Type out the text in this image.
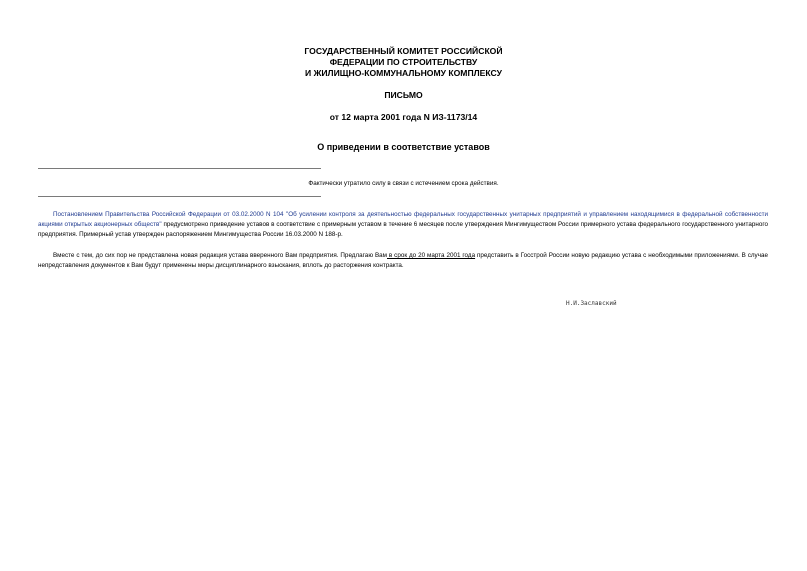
ГОСУДАРСТВЕННЫЙ КОМИТЕТ РОССИЙСКОЙ
ФЕДЕРАЦИИ ПО СТРОИТЕЛЬСТВУ
И ЖИЛИЩНО-КОММУНАЛЬНОМУ КОМПЛЕКСУ
ПИСЬМО
от 12 марта 2001 года N ИЗ-1173/14
О приведении в соответствие уставов
Фактически утратило силу в связи с истечением срока действия.
Постановлением Правительства Российской Федерации от 03.02.2000 N 104 "Об усилении контроля за деятельностью федеральных государственных унитарных предприятий и управлением находящимися в федеральной собственности акциями открытых акционерных обществ" предусмотрено приведение уставов в соответствие с примерным уставом в течение 6 месяцев после утверждения Мингимуществом России примерного устава федерального государственного унитарного предприятия. Примерный устав утвержден распоряжением Мингимущества России 16.03.2000 N 188-р.
Вместе с тем, до сих пор не представлена новая редакция устава вверенного Вам предприятия. Предлагаю Вам в срок до 20 марта 2001 года представить в Госстрой России новую редакцию устава с необходимыми приложениями. В случае непредставления документов к Вам будут применены меры дисциплинарного взыскания, вплоть до расторжения контракта.
Н.И.Заславский
